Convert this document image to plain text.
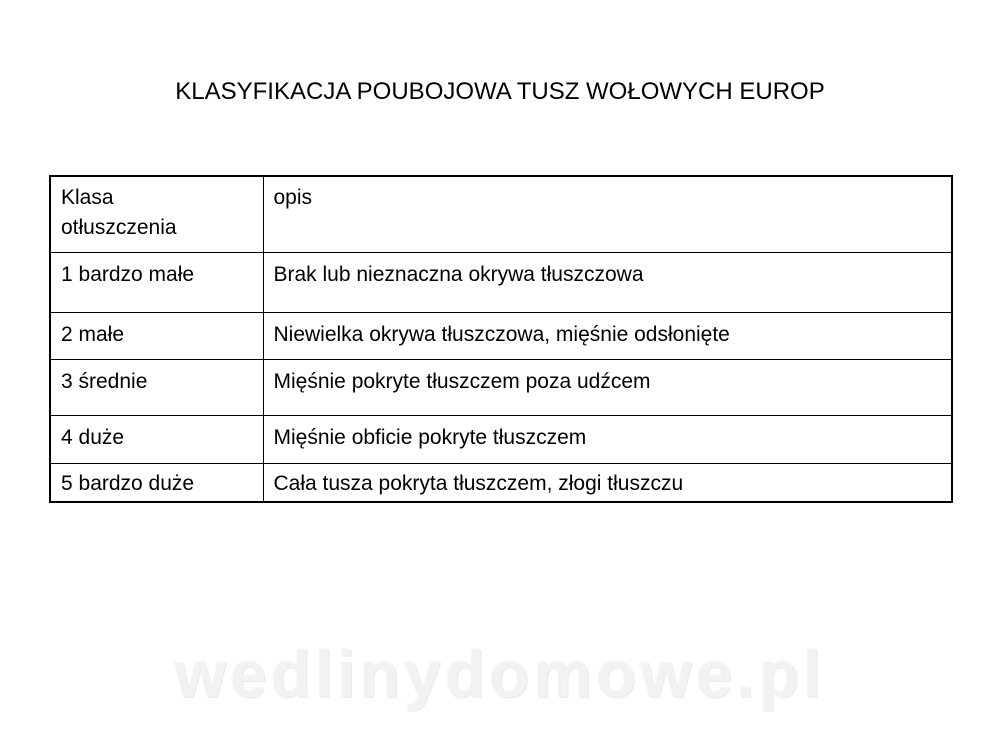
KLASYFIKACJA POUBOJOWA TUSZ WOŁOWYCH EUROP
Klasa
otłuszczenia	opis
1 bardzo małe	Brak lub nieznaczna okrywa tłuszczowa
2 małe	Niewielka okrywa tłuszczowa, mięśnie odsłonięte
3 średnie	Mięśnie pokryte tłuszczem poza udźcem
4 duże	Mięśnie obficie pokryte tłuszczem
5 bardzo duże	Cała tusza pokryta tłuszczem, złogi tłuszczu
wedlinydomowe.pl
